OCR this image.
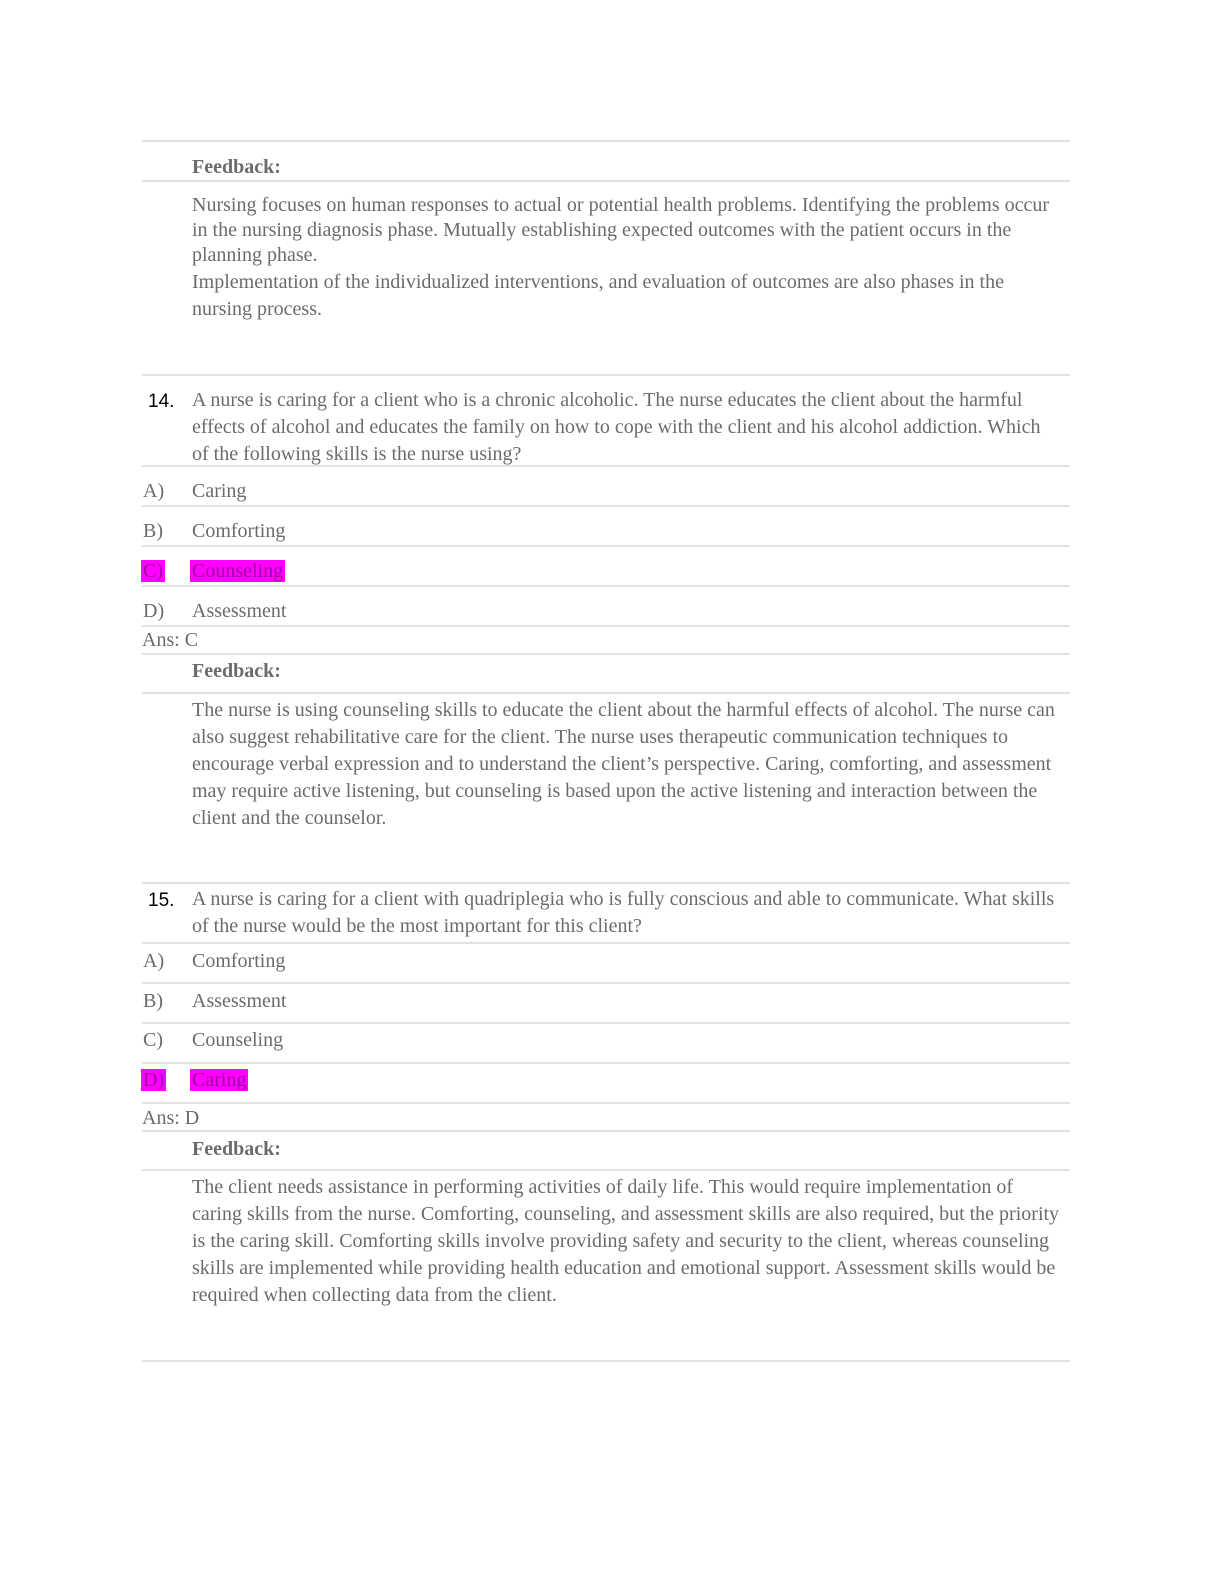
Feedback:
Nursing focuses on human responses to actual or potential health problems. Identifying the problems occur in the nursing diagnosis phase. Mutually establishing expected outcomes with the patient occurs in the planning phase.
Implementation of the individualized interventions, and evaluation of outcomes are also phases in the nursing process.
14. A nurse is caring for a client who is a chronic alcoholic. The nurse educates the client about the harmful effects of alcohol and educates the family on how to cope with the client and his alcohol addiction. Which of the following skills is the nurse using?
A) Caring
B) Comforting
C) Counseling
D) Assessment
Ans: C
Feedback:
The nurse is using counseling skills to educate the client about the harmful effects of alcohol. The nurse can also suggest rehabilitative care for the client. The nurse uses therapeutic communication techniques to encourage verbal expression and to understand the client’s perspective. Caring, comforting, and assessment may require active listening, but counseling is based upon the active listening and interaction between the client and the counselor.
15. A nurse is caring for a client with quadriplegia who is fully conscious and able to communicate. What skills of the nurse would be the most important for this client?
A) Comforting
B) Assessment
C) Counseling
D) Caring
Ans: D
Feedback:
The client needs assistance in performing activities of daily life. This would require implementation of caring skills from the nurse. Comforting, counseling, and assessment skills are also required, but the priority is the caring skill. Comforting skills involve providing safety and security to the client, whereas counseling skills are implemented while providing health education and emotional support. Assessment skills would be required when collecting data from the client.
